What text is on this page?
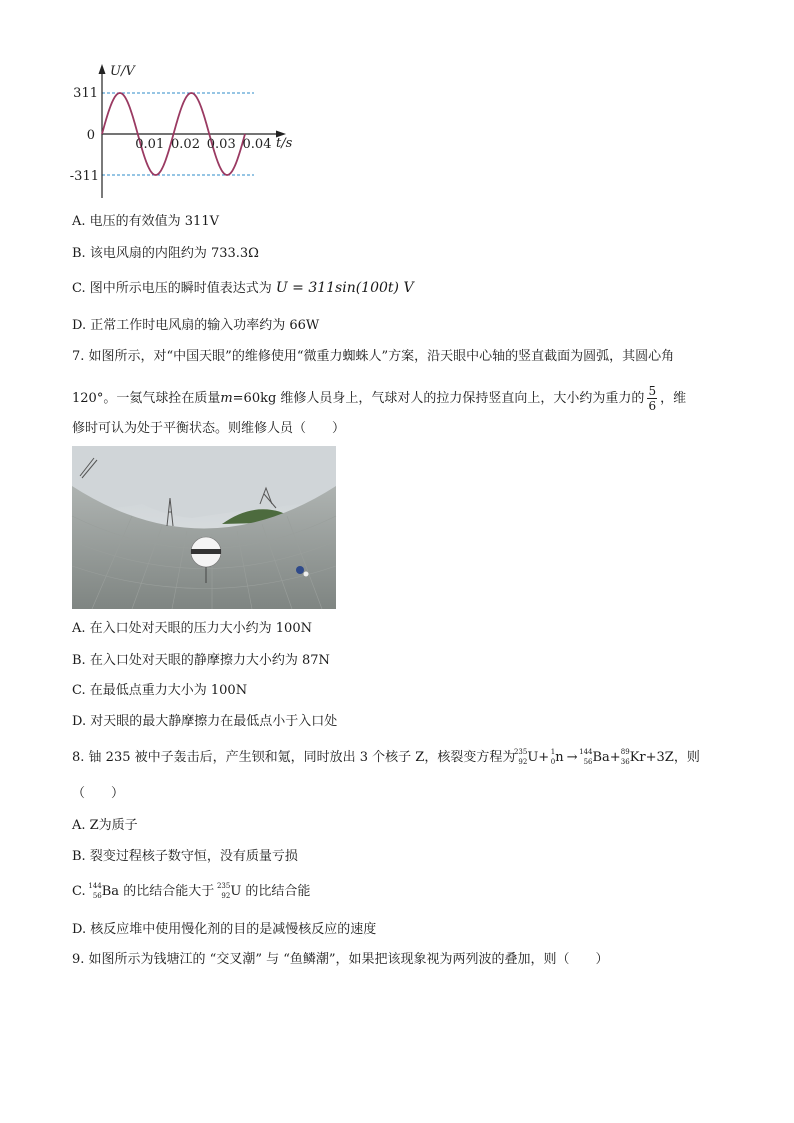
U/V
t/s
311
0
-311
0.01 0.02 0.03 0.04
A. 电压的有效值为 311V
B. 该电风扇的内阻约为 733.3Ω
C. 图中所示电压的瞬时值表达式为 U = 311sin(100t) V
D. 正常工作时电风扇的输入功率约为 66W
7. 如图所示，对“中国天眼”的维修使用“微重力蜘蛛人”方案，沿天眼中心轴的竖直截面为圆弧，其圆心角
120°。一氦气球拴在质量m=60kg 维修人员身上，气球对人的拉力保持竖直向上，大小约为重力的 $\frac{5}{6}$ ，维
修时可认为处于平衡状态。则维修人员（　　）
A. 在入口处对天眼的压力大小约为 100N
B. 在入口处对天眼的静摩擦力大小约为 87N
C. 在最低点重力大小为 100N
D. 对天眼的最大静摩擦力在最低点小于入口处
8. 铀 235 被中子轰击后，产生钡和氪，同时放出 3 个核子 Z，核裂变方程为
235
92 U+ 1
0 n → 144
56 Ba+ 89
36 Kr+3Z，则
（　　）
A. Z为质子
B. 裂变过程核子数守恒，没有质量亏损
C.
144
56 Ba 的比结合能大于
235
92 U 的比结合能
D. 核反应堆中使用慢化剂的目的是减慢核反应的速度
9. 如图所示为钱塘江的 “交叉潮” 与 “鱼鳞潮”，如果把该现象视为两列波的叠加，则（　　）
